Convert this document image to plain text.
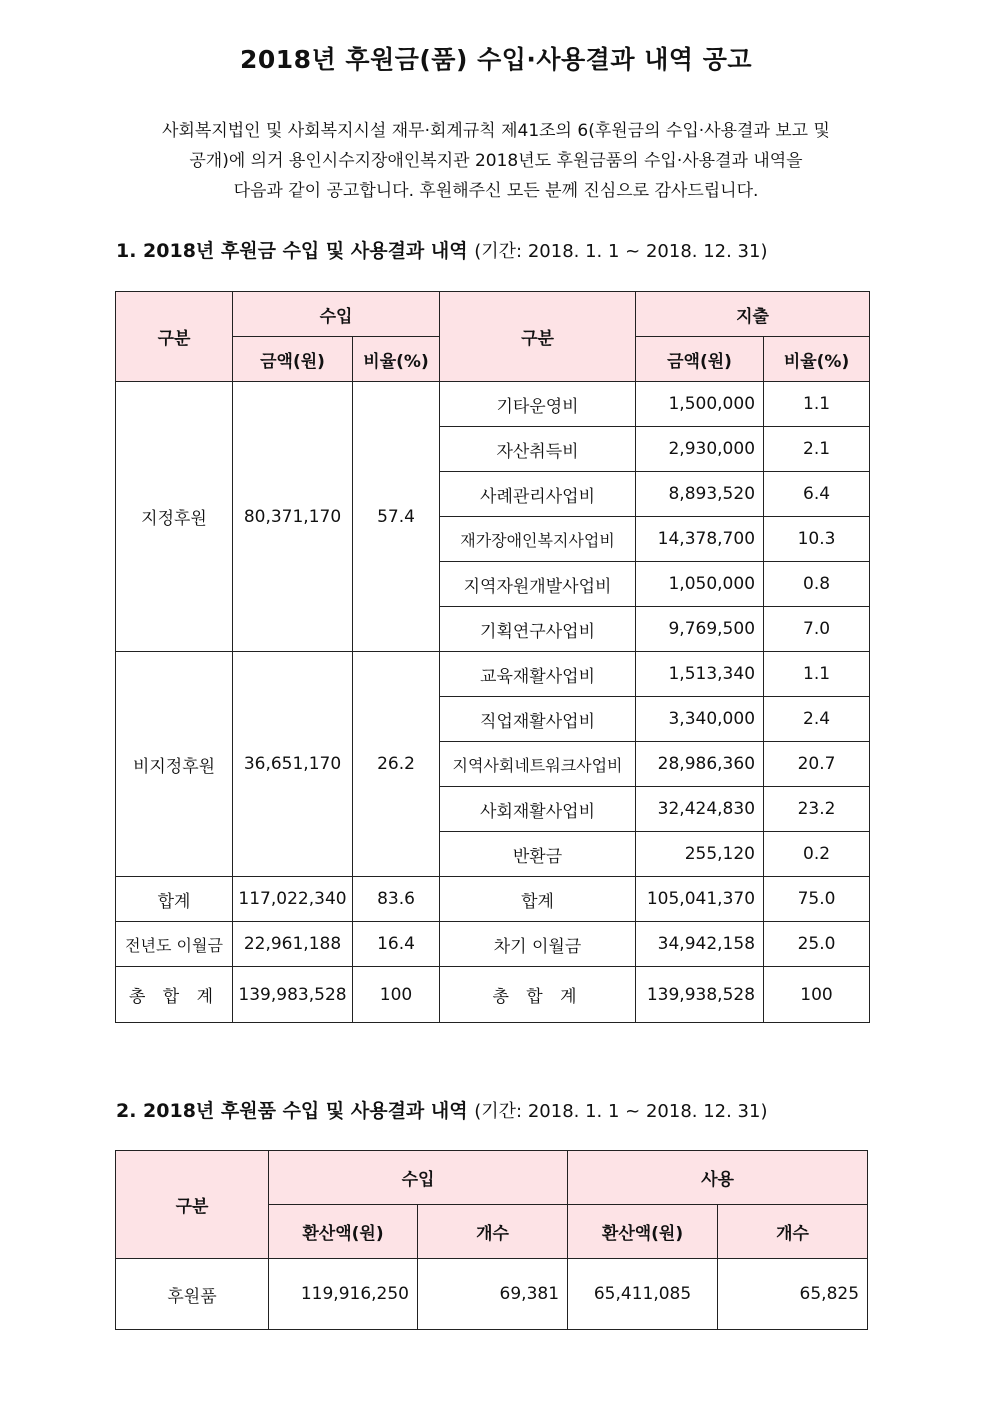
2018년 후원금(품) 수입·사용결과 내역 공고
사회복지법인 및 사회복지시설 재무·회계규칙 제41조의 6(후원금의 수입·사용결과 보고 및
공개)에 의거 용인시수지장애인복지관 2018년도 후원금품의 수입·사용결과 내역을
다음과 같이 공고합니다. 후원해주신 모든 분께 진심으로 감사드립니다.
1. 2018년 후원금 수입 및 사용결과 내역 (기간: 2018. 1. 1 ~ 2018. 12. 31)
구분	수입		구분	지출	
	금액(원)	비율(%)		금액(원)	비율(%)
지정후원	80,371,170	57.4	기타운영비	1,500,000	1.1
			자산취득비	2,930,000	2.1
			사례관리사업비	8,893,520	6.4
			재가장애인복지사업비	14,378,700	10.3
			지역자원개발사업비	1,050,000	0.8
			기획연구사업비	9,769,500	7.0
비지정후원	36,651,170	26.2	교육재활사업비	1,513,340	1.1
			직업재활사업비	3,340,000	2.4
			지역사회네트워크사업비	28,986,360	20.7
			사회재활사업비	32,424,830	23.2
			반환금	255,120	0.2
합계	117,022,340	83.6	합계	105,041,370	75.0
전년도 이월금	22,961,188	16.4	차기 이월금	34,942,158	25.0
총 합 계	139,983,528	100	총 합 계	139,938,528	100
2. 2018년 후원품 수입 및 사용결과 내역 (기간: 2018. 1. 1 ~ 2018. 12. 31)
구분	수입		사용	
	환산액(원)	개수	환산액(원)	개수
후원품	119,916,250	69,381	65,411,085	65,825
